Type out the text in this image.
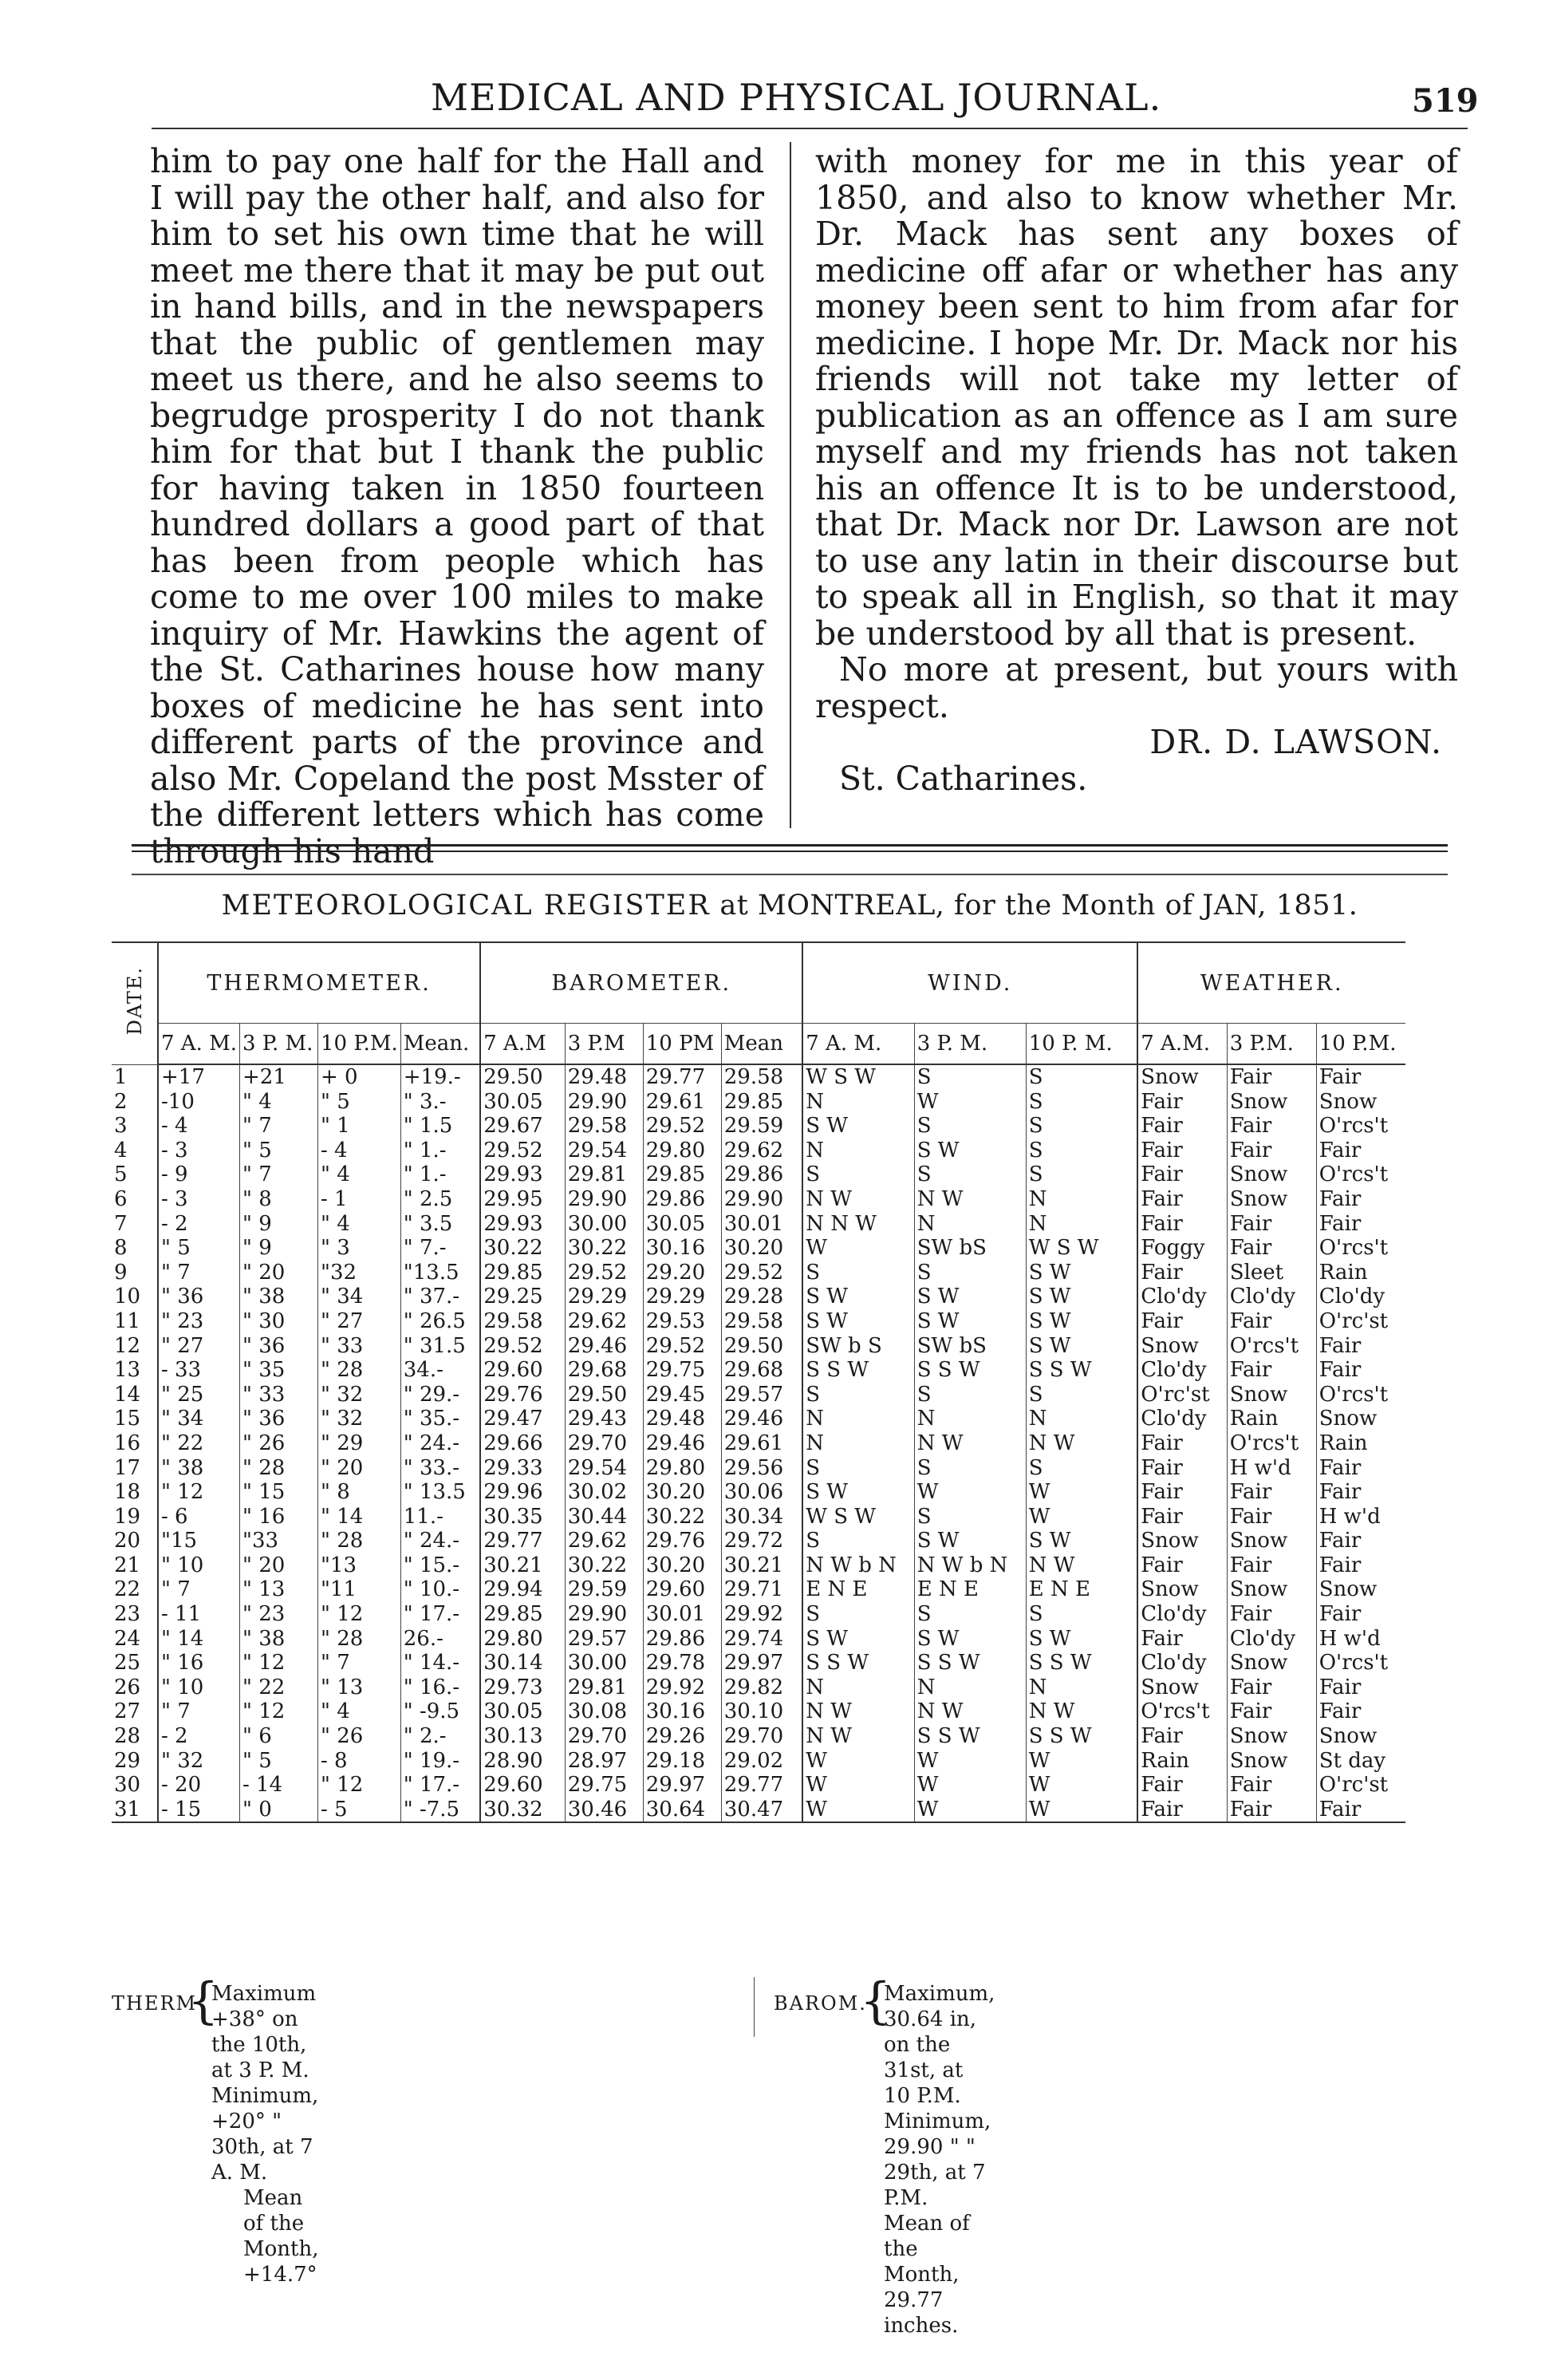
MEDICAL AND PHYSICAL JOURNAL.	519

him to pay one half for the Hall and I will pay the other half, and also for him to set his own time that he will meet me there that it may be put out in hand bills, and in the newspapers that the public of gentlemen may meet us there, and he also seems to begrudge prosperity I do not thank him for that but I thank the public for having taken in 1850 fourteen hundred dollars a good part of that has been from people which has come to me over 100 miles to make inquiry of Mr. Hawkins the agent of the St. Catharines house how many boxes of medicine he has sent into different parts of the province and also Mr. Copeland the post Msster of the different letters which has come through his hand

with money for me in this year of 1850, and also to know whether Mr. Dr. Mack has sent any boxes of medicine off afar or whether has any money been sent to him from afar for medicine. I hope Mr. Dr. Mack nor his friends will not take my letter of publication as an offence as I am sure myself and my friends has not taken his an offence It is to be understood, that Dr. Mack nor Dr. Lawson are not to use any latin in their discourse but to speak all in English, so that it may be understood by all that is present.

No more at present, but yours with respect.

DR. D. LAWSON.

St. Catharines.

METEOROLOGICAL REGISTER at MONTREAL, for the Month of JAN, 1851.
DATE.	THERMOMETER.				BAROMETER.				WIND.			WEATHER.		
	7 A. M.	3 P. M.	10 P.M.	Mean.	7 A.M	3 P.M	10 PM	Mean	7 A. M.	3 P. M.	10 P. M.	7 A.M.	3 P.M.	10 P.M.
1	+17	+21	+ 0	+19.-	29.50	29.48	29.77	29.58	W S W	S	S	Snow	Fair	Fair
2	-10	" 4	" 5	" 3.-	30.05	29.90	29.61	29.85	N	W	S	Fair	Snow	Snow
3	- 4	" 7	" 1	" 1.5	29.67	29.58	29.52	29.59	S W	S	S	Fair	Fair	O'rcs't
4	- 3	" 5	- 4	" 1.-	29.52	29.54	29.80	29.62	N	S W	S	Fair	Fair	Fair
5	- 9	" 7	" 4	" 1.-	29.93	29.81	29.85	29.86	S	S	S	Fair	Snow	O'rcs't
6	- 3	" 8	- 1	" 2.5	29.95	29.90	29.86	29.90	N W	N W	N	Fair	Snow	Fair
7	- 2	" 9	" 4	" 3.5	29.93	30.00	30.05	30.01	N N W	N	N	Fair	Fair	Fair
8	" 5	" 9	" 3	" 7.-	30.22	30.22	30.16	30.20	W	SW bS	W S W	Foggy	Fair	O'rcs't
9	" 7	" 20	"32	"13.5	29.85	29.52	29.20	29.52	S	S	S W	Fair	Sleet	Rain
10	" 36	" 38	" 34	" 37.-	29.25	29.29	29.29	29.28	S W	S W	S W	Clo'dy	Clo'dy	Clo'dy
11	" 23	" 30	" 27	" 26.5	29.58	29.62	29.53	29.58	S W	S W	S W	Fair	Fair	O'rc'st
12	" 27	" 36	" 33	" 31.5	29.52	29.46	29.52	29.50	SW b S	SW bS	S W	Snow	O'rcs't	Fair
13	- 33	" 35	" 28	34.-	29.60	29.68	29.75	29.68	S S W	S S W	S S W	Clo'dy	Fair	Fair
14	" 25	" 33	" 32	" 29.-	29.76	29.50	29.45	29.57	S	S	S	O'rc'st	Snow	O'rcs't
15	" 34	" 36	" 32	" 35.-	29.47	29.43	29.48	29.46	N	N	N	Clo'dy	Rain	Snow
16	" 22	" 26	" 29	" 24.-	29.66	29.70	29.46	29.61	N	N W	N W	Fair	O'rcs't	Rain
17	" 38	" 28	" 20	" 33.-	29.33	29.54	29.80	29.56	S	S	S	Fair	H w'd	Fair
18	" 12	" 15	" 8	" 13.5	29.96	30.02	30.20	30.06	S W	W	W	Fair	Fair	Fair
19	- 6	" 16	" 14	11.-	30.35	30.44	30.22	30.34	W S W	S	W	Fair	Fair	H w'd
20	"15	"33	" 28	" 24.-	29.77	29.62	29.76	29.72	S	S W	S W	Snow	Snow	Fair
21	" 10	" 20	"13	" 15.-	30.21	30.22	30.20	30.21	N W b N	N W b N	N W	Fair	Fair	Fair
22	" 7	" 13	"11	" 10.-	29.94	29.59	29.60	29.71	E N E	E N E	E N E	Snow	Snow	Snow
23	- 11	" 23	" 12	" 17.-	29.85	29.90	30.01	29.92	S	S	S	Clo'dy	Fair	Fair
24	" 14	" 38	" 28	26.-	29.80	29.57	29.86	29.74	S W	S W	S W	Fair	Clo'dy	H w'd
25	" 16	" 12	" 7	" 14.-	30.14	30.00	29.78	29.97	S S W	S S W	S S W	Clo'dy	Snow	O'rcs't
26	" 10	" 22	" 13	" 16.-	29.73	29.81	29.92	29.82	N	N	N	Snow	Fair	Fair
27	" 7	" 12	" 4	" -9.5	30.05	30.08	30.16	30.10	N W	N W	N W	O'rcs't	Fair	Fair
28	- 2	" 6	" 26	" 2.-	30.13	29.70	29.26	29.70	N W	S S W	S S W	Fair	Snow	Snow
29	" 32	" 5	- 8	" 19.-	28.90	28.97	29.18	29.02	W	W	W	Rain	Snow	St day
30	- 20	- 14	" 12	" 17.-	29.60	29.75	29.97	29.77	W	W	W	Fair	Fair	O'rc'st
31	- 15	" 0	- 5	" -7.5	30.32	30.46	30.64	30.47	W	W	W	Fair	Fair	Fair
THERM
{
Maximum +38° on the 10th, at 3 P. M.
Minimum, +20° " 30th, at 7 A. M.
Mean of the Month, +14.7°
BAROM.
{
Maximum, 30.64 in, on the 31st, at 10 P.M.
Minimum, 29.90 " " 29th, at 7 P.M.
Mean of the Month, 29.77 inches.
